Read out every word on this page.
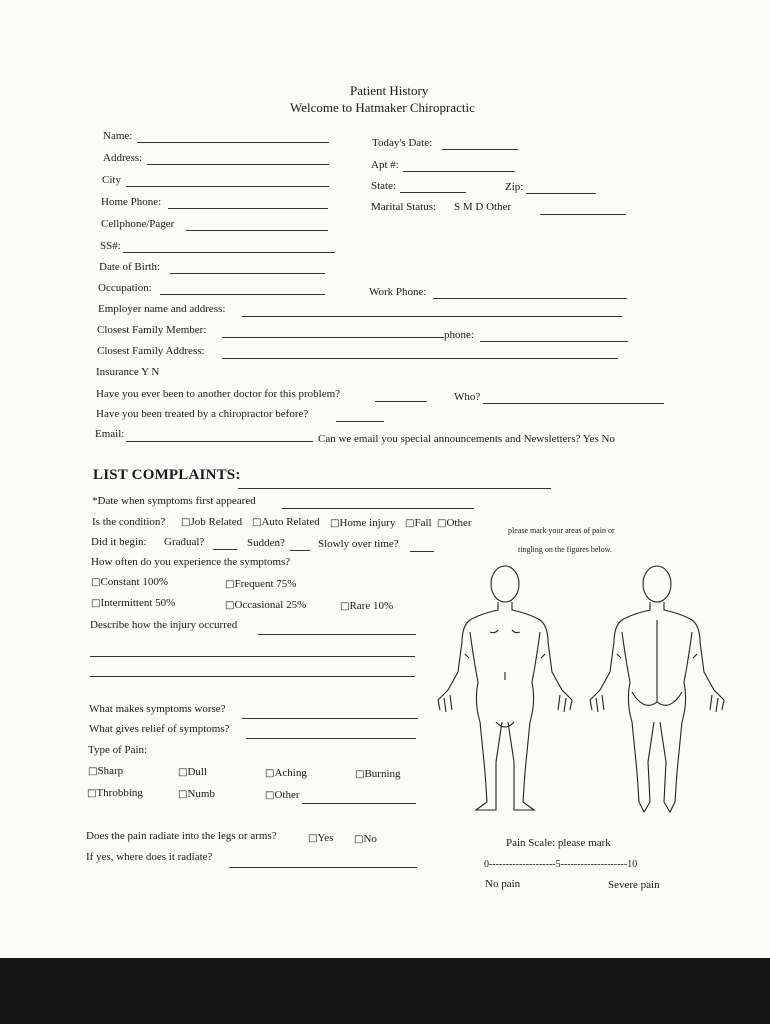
Patient History
Welcome to Hatmaker Chiropractic
Name:
Address:
City
Home Phone:
Cellphone/Pager
SS#:
Date of Birth:
Occupation:
Today's Date:
Apt #:
State:	Zip:
Marital Status: S M D Other
Work Phone:
Employer name and address:
Closest Family Member:	phone:
Closest Family Address:
Insurance Y N
Have you ever been to another doctor for this problem?	Who?
Have you been treated by a chiropractor before?
Email:	Can we email you special announcements and Newsletters? Yes No
LIST COMPLAINTS:
*Date when symptoms first appeared
Is the condition?	□ Job Related	□ Auto Related	□ Home injury	□ Fall	□ Other
Did it begin: Gradual?	Sudden?	Slowly over time?
How often do you experience the symptoms?
□ Constant 100%	□ Frequent 75%
□ Intermittent 50%	□ Occasional 25%	□ Rare 10%
Describe how the injury occurred
What makes symptoms worse?
What gives relief of symptoms?
Type of Pain:
□ Sharp	□ Dull	□ Aching	□ Burning
□ Throbbing	□ Numb	□ Other
Does the pain radiate into the legs or arms?	□ Yes	□ No
If yes, where does it radiate?
please mark your areas of pain or
tingling on the figures below.
Pain Scale: please mark
0--------------------5--------------------10
No pain	Severe pain
